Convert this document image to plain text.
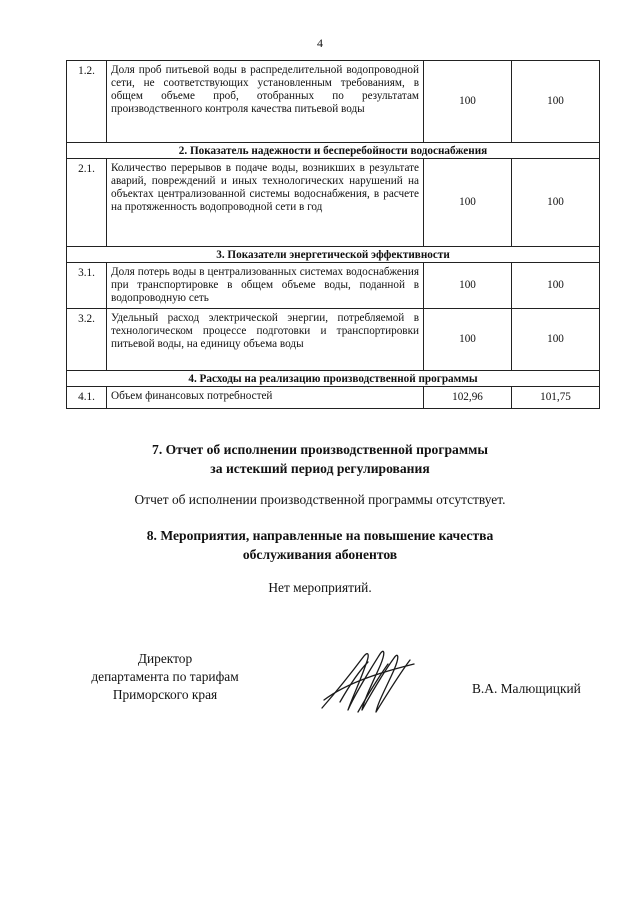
4
1.2.	Доля проб питьевой воды в распределительной водопроводной сети, не соответствующих установленным требованиям, в общем объеме проб, отобранных по результатам производственного контроля качества питьевой воды	100	100
2. Показатель надежности и бесперебойности водоснабжения			
2.1.	Количество перерывов в подаче воды, возникших в результате аварий, повреждений и иных технологических нарушений на объектах централизованной системы водоснабжения, в расчете на протяженность водопроводной сети в год	100	100
3. Показатели энергетической эффективности			
3.1.	Доля потерь воды в централизованных системах водоснабжения при транспортировке в общем объеме воды, поданной в водопроводную сеть	100	100
3.2.	Удельный расход электрической энергии, потребляемой в технологическом процессе подготовки и транспортировки питьевой воды, на единицу объема воды	100	100
4. Расходы на реализацию производственной программы			
4.1.	Объем финансовых потребностей	102,96	101,75
7. Отчет об исполнении производственной программы
за истекший период регулирования
Отчет об исполнении производственной программы отсутствует.
8. Мероприятия, направленные на повышение качества
обслуживания абонентов
Нет мероприятий.
Директор
департамента по тарифам
Приморского края	В.А. Малющицкий
